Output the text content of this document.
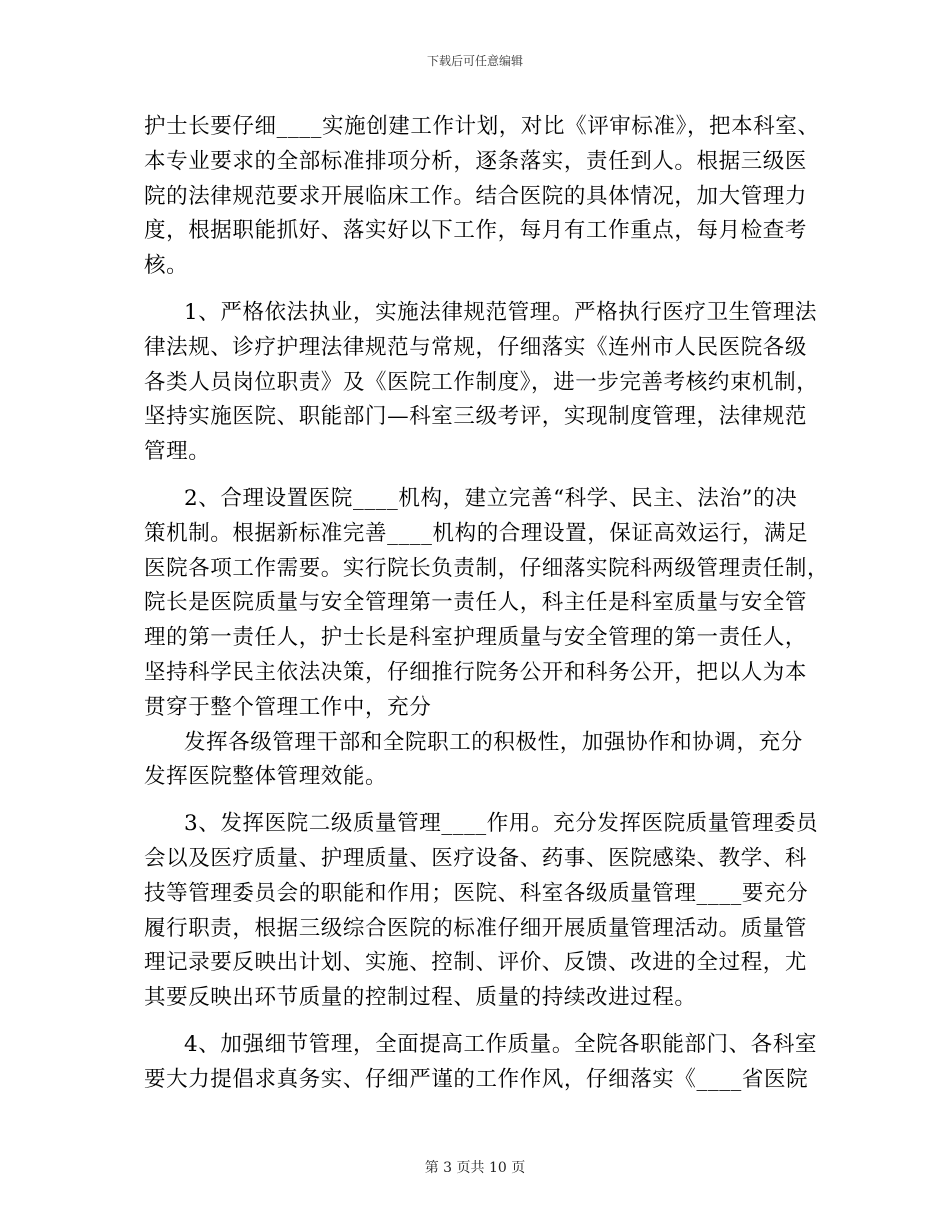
下载后可任意编辑
护士长要仔细____实施创建工作计划，对比《评审标准》，把本科室、
本专业要求的全部标准排项分析，逐条落实，责任到人。根据三级医
院的法律规范要求开展临床工作。结合医院的具体情况，加大管理力
度，根据职能抓好、落实好以下工作，每月有工作重点，每月检查考
核。
1、严格依法执业，实施法律规范管理。严格执行医疗卫生管理法
律法规、诊疗护理法律规范与常规，仔细落实《连州市人民医院各级
各类人员岗位职责》及《医院工作制度》，进一步完善考核约束机制，
坚持实施医院、职能部门—科室三级考评，实现制度管理，法律规范
管理。
2、合理设置医院____机构，建立完善“科学、民主、法治”的决
策机制。根据新标准完善____机构的合理设置，保证高效运行，满足
医院各项工作需要。实行院长负责制，仔细落实院科两级管理责任制，
院长是医院质量与安全管理第一责任人，科主任是科室质量与安全管
理的第一责任人，护士长是科室护理质量与安全管理的第一责任人，
坚持科学民主依法决策，仔细推行院务公开和科务公开，把以人为本
贯穿于整个管理工作中，充分
发挥各级管理干部和全院职工的积极性，加强协作和协调，充分
发挥医院整体管理效能。
3、发挥医院二级质量管理____作用。充分发挥医院质量管理委员
会以及医疗质量、护理质量、医疗设备、药事、医院感染、教学、科
技等管理委员会的职能和作用；医院、科室各级质量管理____要充分
履行职责，根据三级综合医院的标准仔细开展质量管理活动。质量管
理记录要反映出计划、实施、控制、评价、反馈、改进的全过程，尤
其要反映出环节质量的控制过程、质量的持续改进过程。
4、加强细节管理，全面提高工作质量。全院各职能部门、各科室
要大力提倡求真务实、仔细严谨的工作作风，仔细落实《____省医院
第 3 页共 10 页
